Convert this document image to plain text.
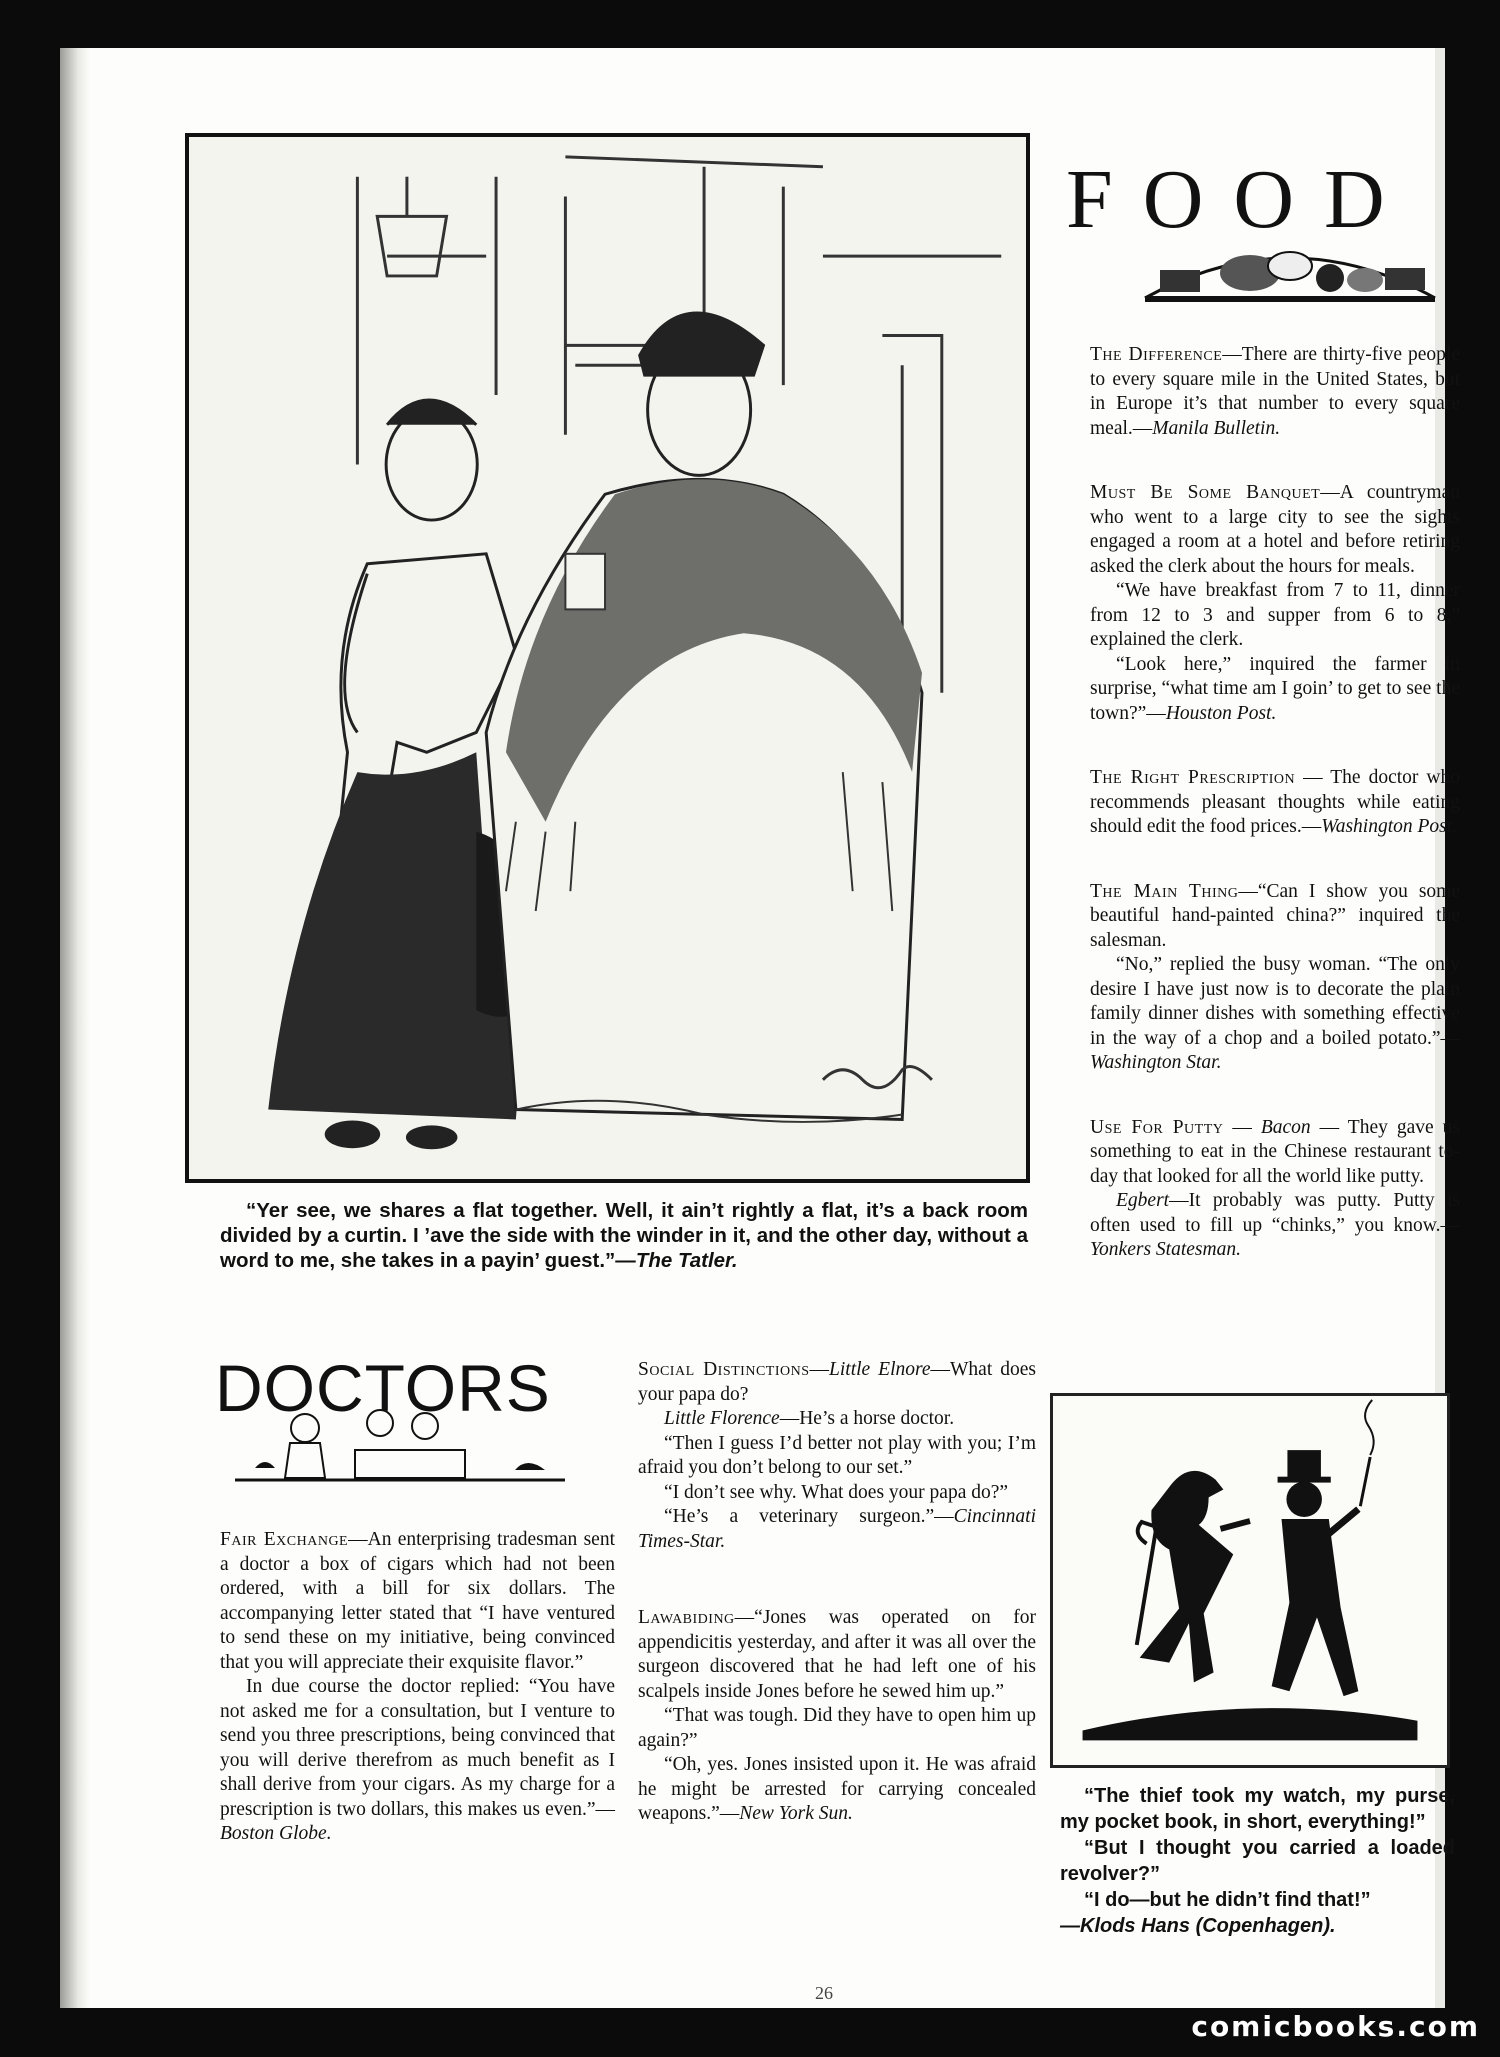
“Yer see, we shares a flat together. Well, it ain’t rightly a flat, it’s a back room divided by a curtin. I ’ave the side with the winder in it, and the other day, without a word to me, she takes in a payin’ guest.”—The Tatler.
FOOD

The Difference—There are thirty-five people to every square mile in the United States, but in Europe it’s that number to every square meal.—Manila Bulletin.

Must Be Some Banquet—A countryman who went to a large city to see the sights engaged a room at a hotel and before retiring asked the clerk about the hours for meals.

“We have breakfast from 7 to 11, dinner from 12 to 3 and supper from 6 to 8,” explained the clerk.

“Look here,” inquired the farmer in surprise, “what time am I goin’ to get to see the town?”—Houston Post.

The Right Prescription — The doctor who recommends pleasant thoughts while eating should edit the food prices.—Washington Post.

The Main Thing—“Can I show you some beautiful hand-painted china?” inquired the salesman.

“No,” replied the busy woman. “The only desire I have just now is to decorate the plain family dinner dishes with something effective in the way of a chop and a boiled potato.”—Washington Star.

Use For Putty — Bacon — They gave us something to eat in the Chinese restaurant to-day that looked for all the world like putty.

Egbert—It probably was putty. Putty is often used to fill up “chinks,” you know.—Yonkers Statesman.

DOCTORS

Fair Exchange—An enterprising tradesman sent a doctor a box of cigars which had not been ordered, with a bill for six dollars. The accompanying letter stated that “I have ventured to send these on my initiative, being convinced that you will appreciate their exquisite flavor.”

In due course the doctor replied: “You have not asked me for a consultation, but I venture to send you three prescriptions, being convinced that you will derive therefrom as much benefit as I shall derive from your cigars. As my charge for a prescription is two dollars, this makes us even.”—Boston Globe.

Social Distinctions—Little Elnore—What does your papa do?

Little Florence—He’s a horse doctor.

“Then I guess I’d better not play with you; I’m afraid you don’t belong to our set.”

“I don’t see why. What does your papa do?”

“He’s a veterinary surgeon.”—Cincinnati Times-Star.

Lawabiding—“Jones was operated on for appendicitis yesterday, and after it was all over the surgeon discovered that he had left one of his scalpels inside Jones before he sewed him up.”

“That was tough. Did they have to open him up again?”

“Oh, yes. Jones insisted upon it. He was afraid he might be arrested for carrying concealed weapons.”—New York Sun.

“The thief took my watch, my purse, my pocket book, in short, everything!”

“But I thought you carried a loaded revolver?”

“I do—but he didn’t find that!”

—Klods Hans (Copenhagen).

26
comicbooks.com
